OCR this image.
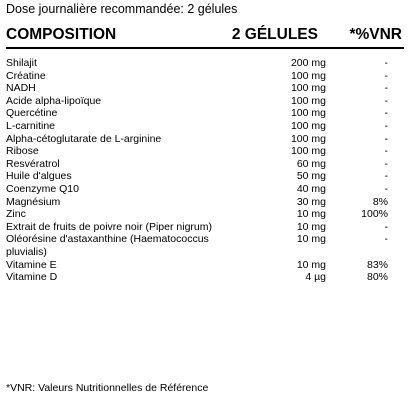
Dose journalière recommandée: 2 gélules
COMPOSITION	2 GÉLULES *%VNR
Shilajit	200 mg	-
Créatine	100 mg	-
NADH	100 mg	-
Acide alpha-lipoïque	100 mg	-
Quercétine	100 mg	-
L-carnitine	100 mg	-
Alpha-cétoglutarate de L-arginine	100 mg	-
Ribose	100 mg	-
Resvératrol	60 mg	-
Huile d'algues	50 mg	-
Coenzyme Q10	40 mg	-
Magnésium	30 mg	8%
Zinc	10 mg	100%
Extrait de fruits de poivre noir (Piper nigrum)	10 mg	-
Oléorésine d'astaxanthine (Haematococcus pluvialis)
10 mg	-
Vitamine E	10 mg	83%
Vitamine D	4 µg	80%
*VNR: Valeurs Nutritionnelles de Référence
